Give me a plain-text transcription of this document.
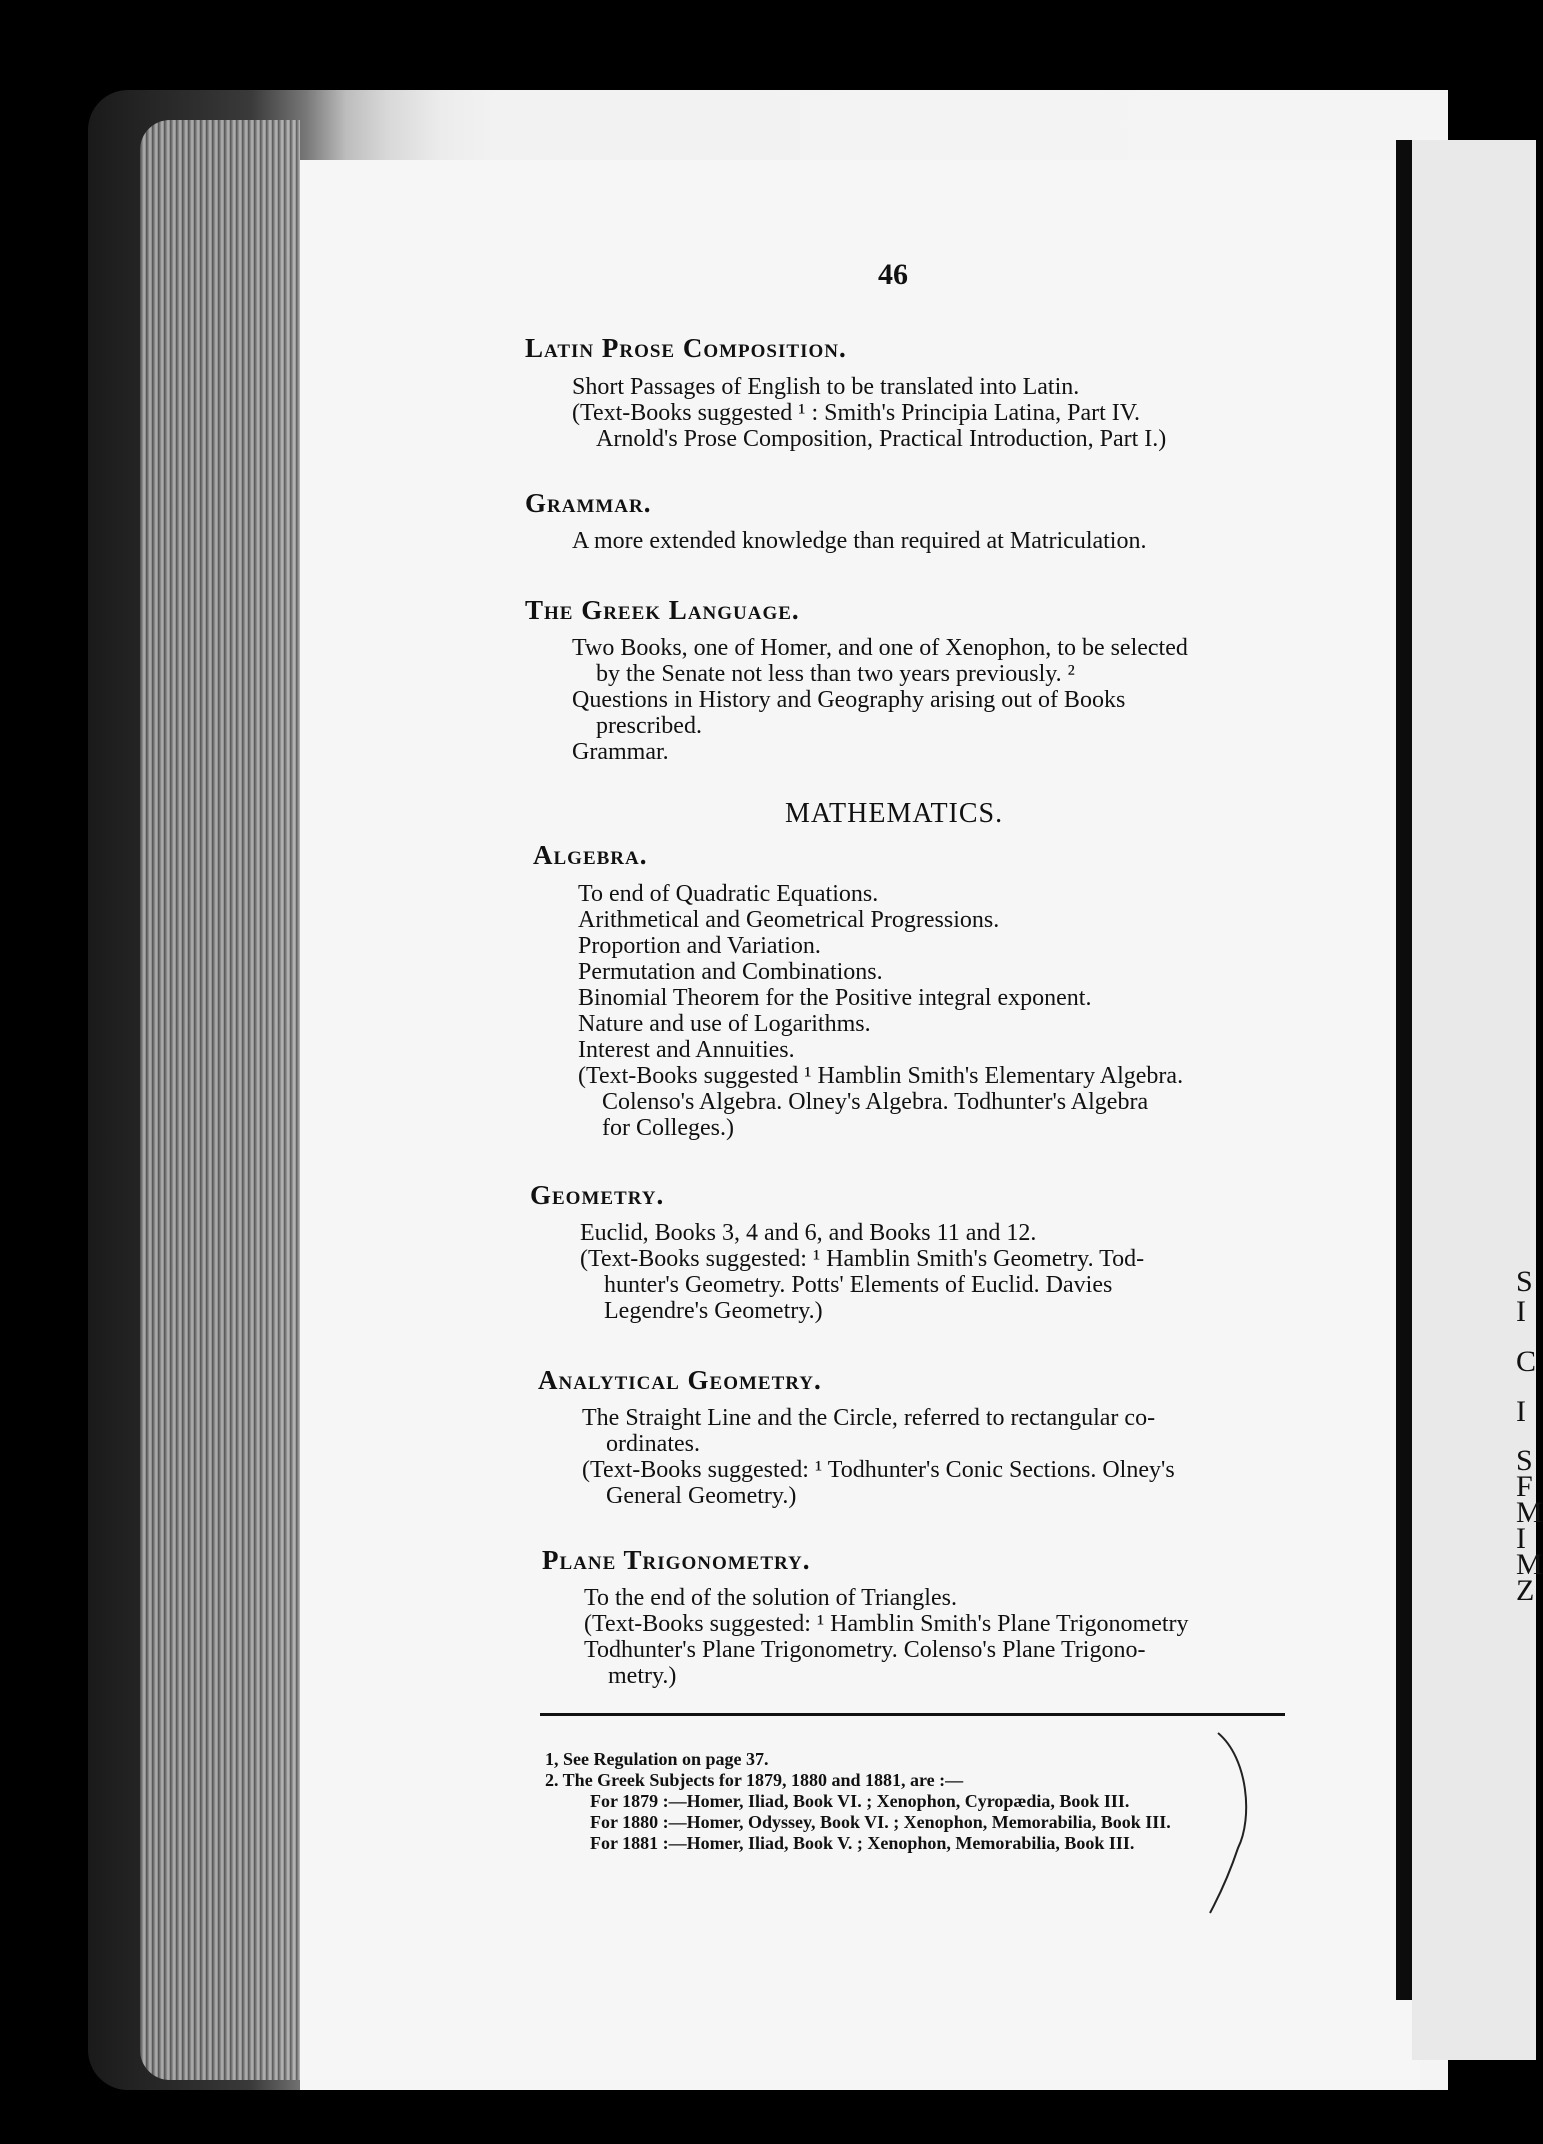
S
I
C
I
S
F
M
I
M
Z
46
Latin Prose Composition.
Short Passages of English to be translated into Latin.
(Text-Books suggested ¹ : Smith's Principia Latina, Part IV.
Arnold's Prose Composition, Practical Introduction, Part I.)
Grammar.
A more extended knowledge than required at Matriculation.
The Greek Language.
Two Books, one of Homer, and one of Xenophon, to be selected
by the Senate not less than two years previously. ²
Questions in History and Geography arising out of Books
prescribed.
Grammar.
MATHEMATICS.
Algebra.
To end of Quadratic Equations.
Arithmetical and Geometrical Progressions.
Proportion and Variation.
Permutation and Combinations.
Binomial Theorem for the Positive integral exponent.
Nature and use of Logarithms.
Interest and Annuities.
(Text-Books suggested ¹ Hamblin Smith's Elementary Algebra.
Colenso's Algebra. Olney's Algebra. Todhunter's Algebra
for Colleges.)
Geometry.
Euclid, Books 3, 4 and 6, and Books 11 and 12.
(Text-Books suggested: ¹ Hamblin Smith's Geometry. Tod-
hunter's Geometry. Potts' Elements of Euclid. Davies
Legendre's Geometry.)
Analytical Geometry.
The Straight Line and the Circle, referred to rectangular co-
ordinates.
(Text-Books suggested: ¹ Todhunter's Conic Sections. Olney's
General Geometry.)
Plane Trigonometry.
To the end of the solution of Triangles.
(Text-Books suggested: ¹ Hamblin Smith's Plane Trigonometry
Todhunter's Plane Trigonometry. Colenso's Plane Trigono-
metry.)
1, See Regulation on page 37.
2. The Greek Subjects for 1879, 1880 and 1881, are :—
For 1879 :—Homer, Iliad, Book VI. ; Xenophon, Cyropædia, Book III.
For 1880 :—Homer, Odyssey, Book VI. ; Xenophon, Memorabilia, Book III.
For 1881 :—Homer, Iliad, Book V. ; Xenophon, Memorabilia, Book III.
